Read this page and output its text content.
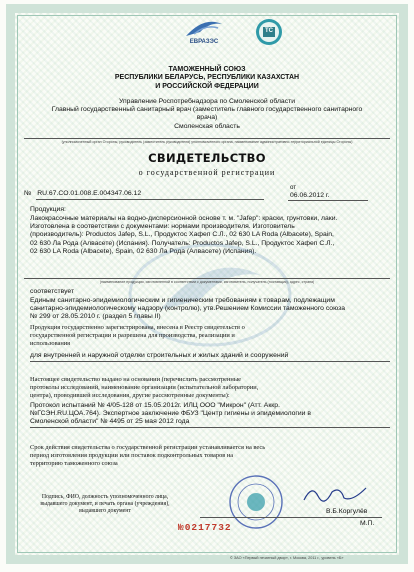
ЕВРАЗЭС
ТС
ТАМОЖЕННЫЙ СОЮЗ
РЕСПУБЛИКИ БЕЛАРУСЬ, РЕСПУБЛИКИ КАЗАХСТАН
И РОССИЙСКОЙ ФЕДЕРАЦИИ
Управление Роспотребнадзора по Смоленской области
Главный государственный санитарный врач (заместитель главного государственного санитарного
врача)
Смоленская область
(уполномоченный орган Стороны, руководитель (заместитель руководителя) уполномоченного органа, наименование административно-территориальной единицы Стороны)
СВИДЕТЕЛЬСТВО
о государственной регистрации
№ RU.67.CO.01.008.E.004347.06.12
от
06.06.2012 г.
Продукция:
Лакокрасочные материалы на водно-дисперсионной основе т. м. "Jafep": краски, грунтовки, лаки.
Изготовлена в соответствии с документами: нормами производителя. Изготовитель
(производитель): Productos Jafep, S.L., Продуктос Хафеп С.Л., 02 630 LA Roda (Albacete), Spain,
02 630 Ла Рода (Алвасете) (Испания). Получатель: Productos Jafep, S.L., Продуктос Хафеп С.Л.,
02 630 LA Roda (Albacete), Spain, 02 630 Ла Рода (Алвасете) (Испания).
(наименование продукции, изготовленной в соответствии с документами, изготовитель, получатель (поставщик), адрес, страна)
соответствует
Единым санитарно-эпидемиологическим и гигиеническим требованиям к товарам, подлежащим
санитарно-эпидемиологическому надзору (контролю), утв.Решением Комиссии таможенного союза
№ 299 от 28.05.2010 г. (раздел 5 главы II)
Продукция государственно зарегистрирована, внесена в Реестр свидетельств о
государственной регистрации и разрешена для производства, реализации и
использования
для внутренней и наружной отделки строительных и жилых зданий и сооружений
Настоящее свидетельство выдано на основании (перечислить рассмотренные
протоколы исследований, наименование организации (испытательной лаборатории,
центра), проводившей исследования, другие рассмотренные документы):
Протокол испытаний № 4/05-128 от 15.05.2012г. ИЛЦ ООО "Микрон" (Атт. Аккр.
№ГСЭН.RU.ЦОА.764). Экспертное заключение ФБУЗ "Центр гигиены и эпидемиологии в
Смоленской области" № 4495 от 25 мая 2012 года
Срок действия свидетельства о государственной регистрации устанавливается на весь
период изготовления продукции или поставок подконтрольных товаров на
территорию таможенного союза
Подпись, ФИО, должность уполномоченного лица,
выдавшего документ, и печать органа (учреждения),
выдавшего документ	В.Б.Коргулёв
М.П.
№0217732
© ЗАО «Первый печатный двор», г. Москва, 2011 г., уровень «Б»
